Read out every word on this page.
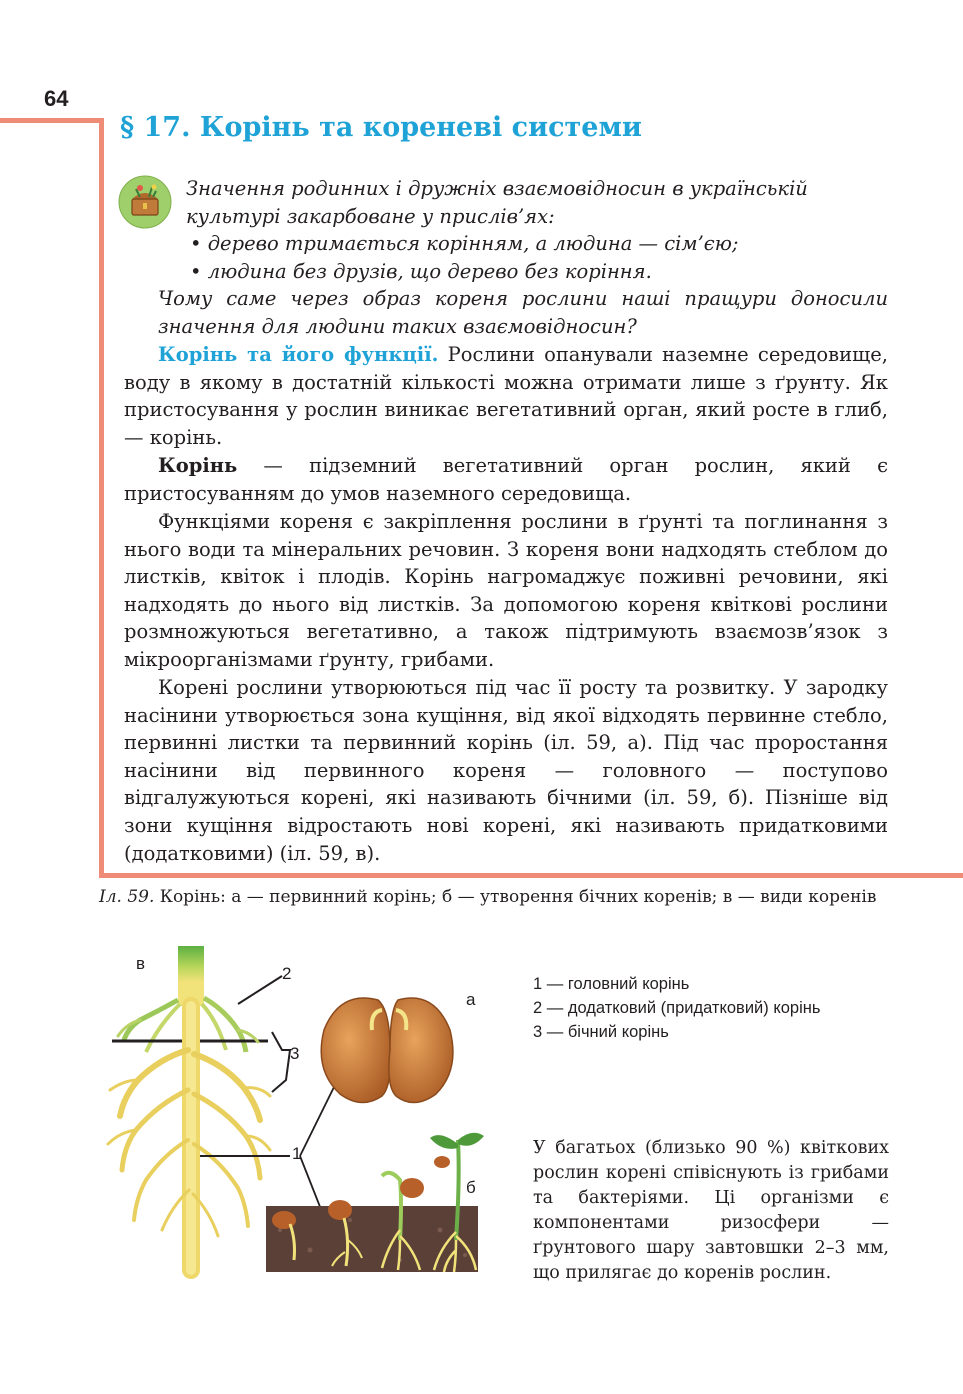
64
§ 17. Корінь та кореневі системи
Значення родинних і дружніх взаємовідносин в українській культурі закарбоване у прислів’ях:
• дерево тримається корінням, а людина — сім’єю;
• людина без друзів, що дерево без коріння.
Чому саме через образ кореня рослини наші пращури доносили значення для людини таких взаємовідносин?
Корінь та його функції. Рослини опанували наземне середовище, воду в якому в достатній кількості можна отримати лише з ґрунту. Як пристосування у рослин виникає вегетативний орган, який росте в глиб, — корінь.
Корінь — підземний вегетативний орган рослин, який є пристосуванням до умов наземного середовища.
Функціями кореня є закріплення рослини в ґрунті та поглинання з нього води та мінеральних речовин. З кореня вони надходять стеблом до листків, квіток і плодів. Корінь нагромаджує поживні речовини, які надходять до нього від листків. За допомогою кореня квіткові рослини розмножуються вегетативно, а також підтримують взаємозв’язок з мікроорганізмами ґрунту, грибами.
Корені рослини утворюються під час її росту та розвитку. У зародку насінини утворюється зона кущіння, від якої відходять первинне стебло, первинні листки та первинний корінь (іл. 59, а). Під час проростання насінини від первинного кореня — головного — поступово відгалужуються корені, які називають бічними (іл. 59, б). Пізніше від зони кущіння відростають нові корені, які називають придатковими (додатковими) (іл. 59, в).
Іл. 59. Корінь: а — первинний корінь; б — утворення бічних коренів; в — види коренів
в
а
б
2
3
1
1 — головний корінь
2 — додатковий (придатковий) корінь
3 — бічний корінь
У багатьох (близько 90 %) квіткових рослин корені співіснують із грибами та бактеріями. Ці організми є компонентами ризосфери — ґрунтового шару завтовшки 2–3 мм, що прилягає до коренів рослин.
